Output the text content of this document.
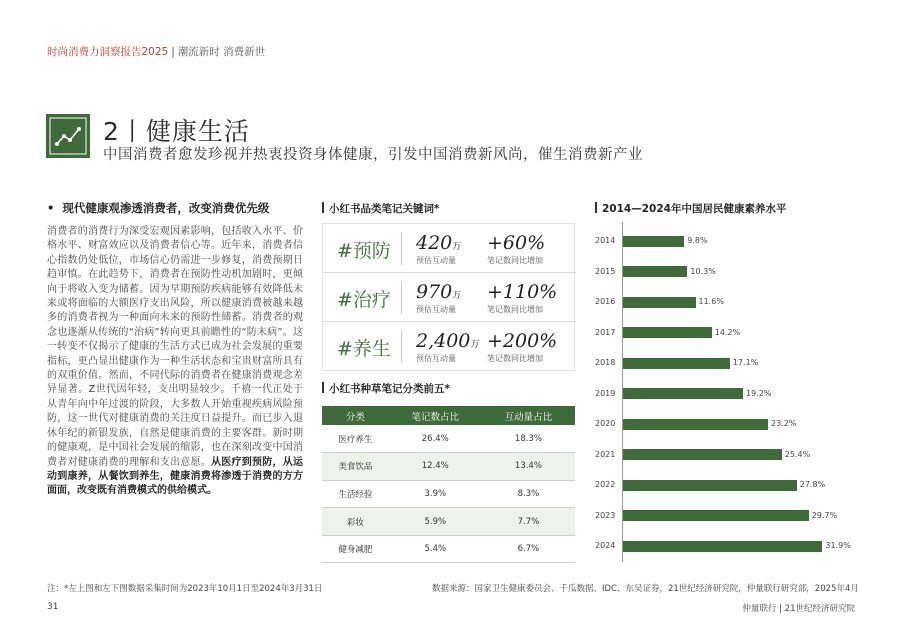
时尚消费力洞察报告2025 | 潮流新时 消费新世
2丨健康生活
中国消费者愈发珍视并热衷投资身体健康，引发中国消费新风尚，催生消费新产业
• 现代健康观渗透消费者，改变消费优先级
消费者的消费行为深受宏观因素影响，包括收入水平、价格水平、财富效应以及消费者信心等。近年来，消费者信心指数仍处低位，市场信心仍需进一步修复，消费预期日趋审慎。在此趋势下，消费者在预防性动机加剧时，更倾向于将收入变为储蓄。因为早期预防疾病能够有效降低未来或将面临的大额医疗支出风险，所以健康消费被越来越多的消费者视为一种面向未来的预防性储蓄。消费者的观念也逐渐从传统的“治病”转向更具前瞻性的“防未病”。这一转变不仅揭示了健康的生活方式已成为社会发展的重要指标，更凸显出健康作为一种生活状态和宝贵财富所具有的双重价值。然而，不同代际的消费者在健康消费观念差异显著。Z世代因年轻，支出明显较少。千禧一代正处于从青年向中年过渡的阶段，大多数人开始重视疾病风险预防，这一世代对健康消费的关注度日益提升。而已步入退休年纪的新银发族，自然是健康消费的主要客群。新时期的健康观，是中国社会发展的缩影，也在深刻改变中国消费者对健康消费的理解和支出意愿。从医疗到预防，从运动到康养，从餐饮到养生，健康消费将渗透于消费的方方面面，改变既有消费模式的供给模式。
小红书品类笔记关键词*
#预防 420万
预估互动量
+60%
笔记数同比增加
#治疗 970万
预估互动量
+110%
笔记数同比增加
#养生 2,400万
预估互动量
+200%
笔记数同比增加
小红书种草笔记分类前五*
分类	笔记数占比	互动量占比
医疗养生	26.4%	18.3%
美食饮品	12.4%	13.4%
生活经验	3.9%	8.3%
彩妆	5.9%	7.7%
健身减肥	5.4%	6.7%
2014—2024年中国居民健康素养水平
2014	9.8%
2015	10.3%
2016	11.6%
2017	14.2%
2018	17.1%
2019	19.2%
2020	23.2%
2021	25.4%
2022	27.8%
2023	29.7%
2024	31.9%
注：*左上图和左下图数据采集时间为2023年10月1日至2024年3月31日	数据来源：国家卫生健康委员会、千瓜数据、IDC、东吴证券，21世纪经济研究院，仲量联行研究部，2025年4月
31	仲量联行 | 21世纪经济研究院
